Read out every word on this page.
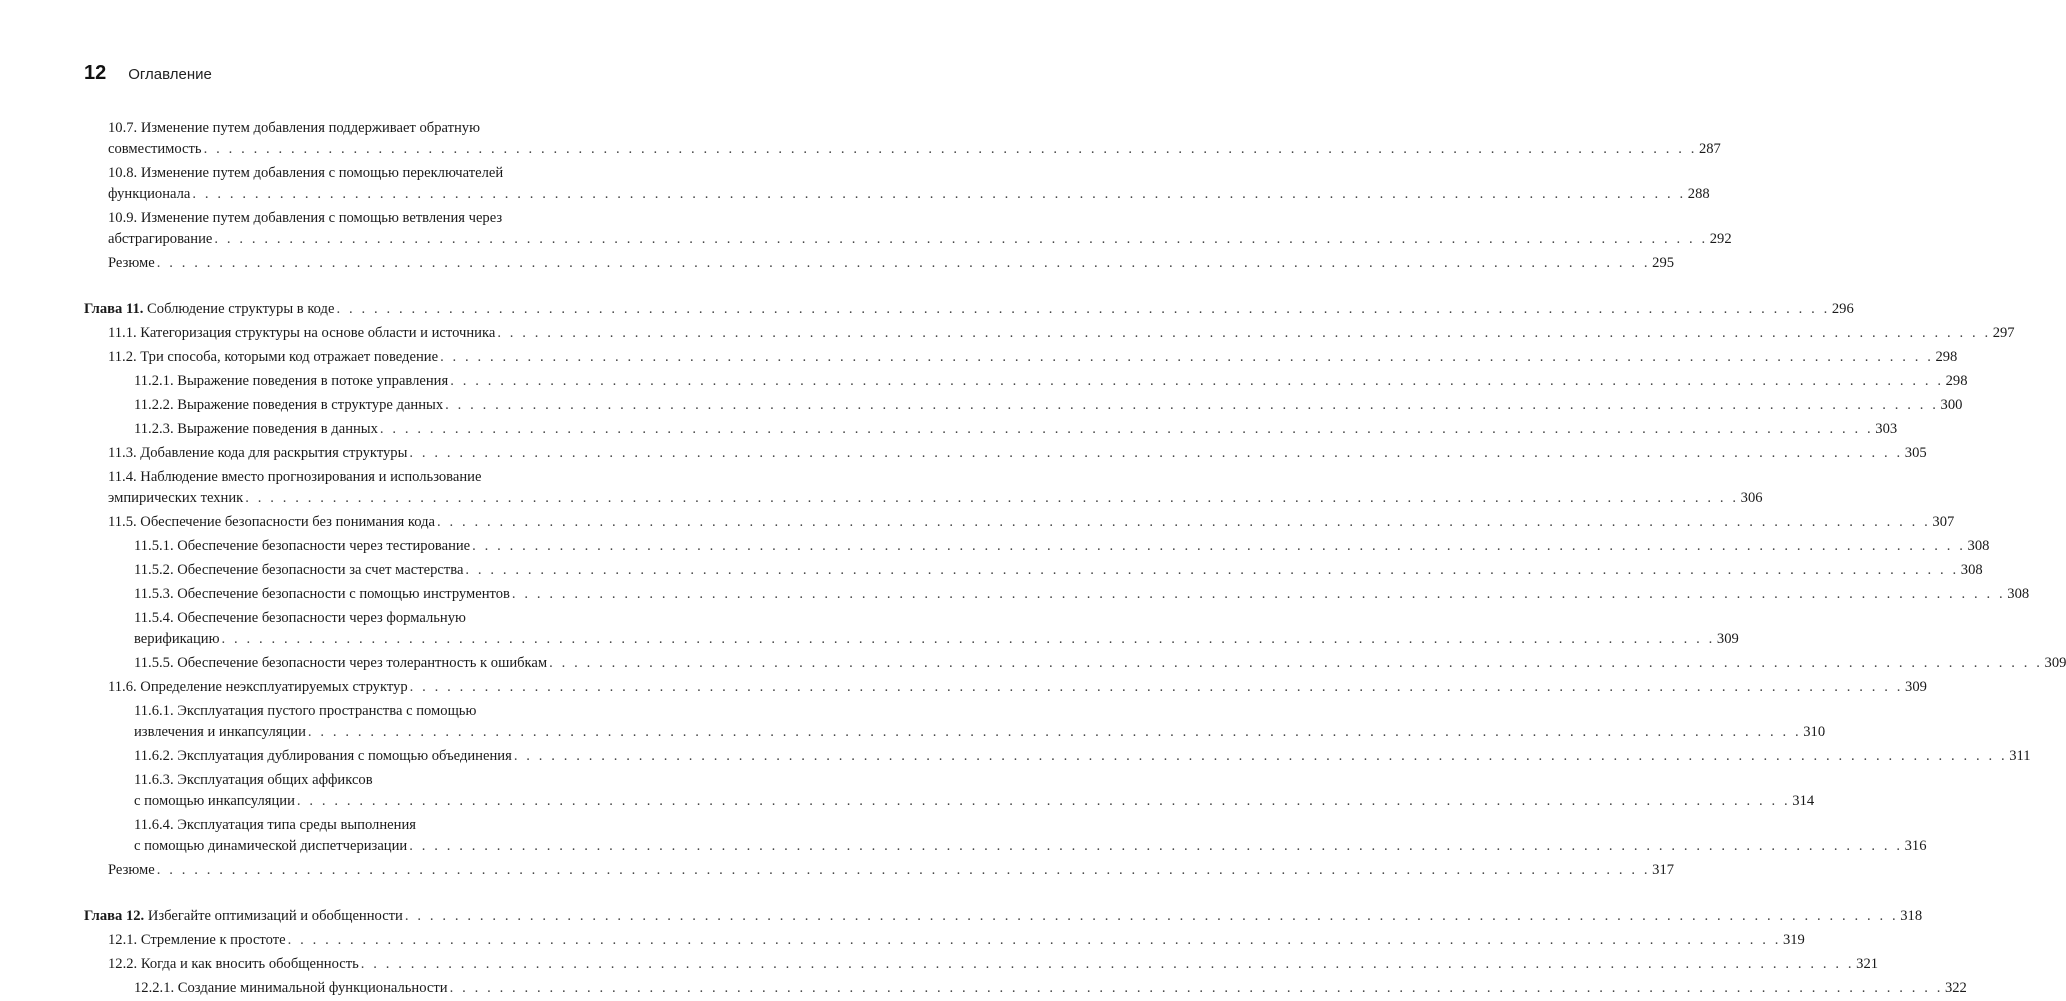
12 Оглавление
10.7. Изменение путем добавления поддерживает обратную
совместимость . . . . . . . . . . . . . . . . . . . . . . . . . . . . . . . . . . . . . . . . . . . . . . . . . . . . . . . . . . . . . . . . . . . . . . . . . . . . . . . . . . . . . . . . . . . . . . . . . . . . . . . . . . . . . . . . . . . . . . . . 287
10.8. Изменение путем добавления с помощью переключателей
функционала . . . . . . . . . . . . . . . . . . . . . . . . . . . . . . . . . . . . . . . . . . . . . . . . . . . . . . . . . . . . . . . . . . . . . . . . . . . . . . . . . . . . . . . . . . . . . . . . . . . . . . . . . . . . . . . . . . . . . . . . 288
10.9. Изменение путем добавления с помощью ветвления через
абстрагирование . . . . . . . . . . . . . . . . . . . . . . . . . . . . . . . . . . . . . . . . . . . . . . . . . . . . . . . . . . . . . . . . . . . . . . . . . . . . . . . . . . . . . . . . . . . . . . . . . . . . . . . . . . . . . . . . . . . . . . . . 292
Резюме . . . . . . . . . . . . . . . . . . . . . . . . . . . . . . . . . . . . . . . . . . . . . . . . . . . . . . . . . . . . . . . . . . . . . . . . . . . . . . . . . . . . . . . . . . . . . . . . . . . . . . . . . . . . . . . . . . . . . . . . 295
Глава 11. Соблюдение структуры в коде . . . . . . . . . . . . . . . . . . . . . . . . . . . . . . . . . . . . . . . . . . . . . . . . . . . . . . . . . . . . . . . . . . . . . . . . . . . . . . . . . . . . . . . . . . . . . . . . . . . . . . . . . . . . . . . . . . . . . . . . 296
11.1. Категоризация структуры на основе области и источника . . . . . . . . . . . . . . . . . . . . . . . . . . . . . . . . . . . . . . . . . . . . . . . . . . . . . . . . . . . . . . . . . . . . . . . . . . . . . . . . . . . . . . . . . . . . . . . . . . . . . . . . . . . . . . . . . . . . . . . . 297
11.2. Три способа, которыми код отражает поведение . . . . . . . . . . . . . . . . . . . . . . . . . . . . . . . . . . . . . . . . . . . . . . . . . . . . . . . . . . . . . . . . . . . . . . . . . . . . . . . . . . . . . . . . . . . . . . . . . . . . . . . . . . . . . . . . . . . . . . . . 298
11.2.1. Выражение поведения в потоке управления . . . . . . . . . . . . . . . . . . . . . . . . . . . . . . . . . . . . . . . . . . . . . . . . . . . . . . . . . . . . . . . . . . . . . . . . . . . . . . . . . . . . . . . . . . . . . . . . . . . . . . . . . . . . . . . . . . . . . . . . 298
11.2.2. Выражение поведения в структуре данных . . . . . . . . . . . . . . . . . . . . . . . . . . . . . . . . . . . . . . . . . . . . . . . . . . . . . . . . . . . . . . . . . . . . . . . . . . . . . . . . . . . . . . . . . . . . . . . . . . . . . . . . . . . . . . . . . . . . . . . . 300
11.2.3. Выражение поведения в данных . . . . . . . . . . . . . . . . . . . . . . . . . . . . . . . . . . . . . . . . . . . . . . . . . . . . . . . . . . . . . . . . . . . . . . . . . . . . . . . . . . . . . . . . . . . . . . . . . . . . . . . . . . . . . . . . . . . . . . . . 303
11.3. Добавление кода для раскрытия структуры . . . . . . . . . . . . . . . . . . . . . . . . . . . . . . . . . . . . . . . . . . . . . . . . . . . . . . . . . . . . . . . . . . . . . . . . . . . . . . . . . . . . . . . . . . . . . . . . . . . . . . . . . . . . . . . . . . . . . . . . 305
11.4. Наблюдение вместо прогнозирования и использование
эмпирических техник . . . . . . . . . . . . . . . . . . . . . . . . . . . . . . . . . . . . . . . . . . . . . . . . . . . . . . . . . . . . . . . . . . . . . . . . . . . . . . . . . . . . . . . . . . . . . . . . . . . . . . . . . . . . . . . . . . . . . . . . 306
11.5. Обеспечение безопасности без понимания кода . . . . . . . . . . . . . . . . . . . . . . . . . . . . . . . . . . . . . . . . . . . . . . . . . . . . . . . . . . . . . . . . . . . . . . . . . . . . . . . . . . . . . . . . . . . . . . . . . . . . . . . . . . . . . . . . . . . . . . . . 307
11.5.1. Обеспечение безопасности через тестирование . . . . . . . . . . . . . . . . . . . . . . . . . . . . . . . . . . . . . . . . . . . . . . . . . . . . . . . . . . . . . . . . . . . . . . . . . . . . . . . . . . . . . . . . . . . . . . . . . . . . . . . . . . . . . . . . . . . . . . . . 308
11.5.2. Обеспечение безопасности за счет мастерства . . . . . . . . . . . . . . . . . . . . . . . . . . . . . . . . . . . . . . . . . . . . . . . . . . . . . . . . . . . . . . . . . . . . . . . . . . . . . . . . . . . . . . . . . . . . . . . . . . . . . . . . . . . . . . . . . . . . . . . . 308
11.5.3. Обеспечение безопасности с помощью инструментов . . . . . . . . . . . . . . . . . . . . . . . . . . . . . . . . . . . . . . . . . . . . . . . . . . . . . . . . . . . . . . . . . . . . . . . . . . . . . . . . . . . . . . . . . . . . . . . . . . . . . . . . . . . . . . . . . . . . . . . . 308
11.5.4. Обеспечение безопасности через формальную
верификацию . . . . . . . . . . . . . . . . . . . . . . . . . . . . . . . . . . . . . . . . . . . . . . . . . . . . . . . . . . . . . . . . . . . . . . . . . . . . . . . . . . . . . . . . . . . . . . . . . . . . . . . . . . . . . . . . . . . . . . . . 309
11.5.5. Обеспечение безопасности через толерантность к ошибкам . . . . . . . . . . . . . . . . . . . . . . . . . . . . . . . . . . . . . . . . . . . . . . . . . . . . . . . . . . . . . . . . . . . . . . . . . . . . . . . . . . . . . . . . . . . . . . . . . . . . . . . . . . . . . . . . . . . . . . . . 309
11.6. Определение неэксплуатируемых структур . . . . . . . . . . . . . . . . . . . . . . . . . . . . . . . . . . . . . . . . . . . . . . . . . . . . . . . . . . . . . . . . . . . . . . . . . . . . . . . . . . . . . . . . . . . . . . . . . . . . . . . . . . . . . . . . . . . . . . . . 309
11.6.1. Эксплуатация пустого пространства с помощью
извлечения и инкапсуляции . . . . . . . . . . . . . . . . . . . . . . . . . . . . . . . . . . . . . . . . . . . . . . . . . . . . . . . . . . . . . . . . . . . . . . . . . . . . . . . . . . . . . . . . . . . . . . . . . . . . . . . . . . . . . . . . . . . . . . . . 310
11.6.2. Эксплуатация дублирования с помощью объединения . . . . . . . . . . . . . . . . . . . . . . . . . . . . . . . . . . . . . . . . . . . . . . . . . . . . . . . . . . . . . . . . . . . . . . . . . . . . . . . . . . . . . . . . . . . . . . . . . . . . . . . . . . . . . . . . . . . . . . . . 311
11.6.3. Эксплуатация общих аффиксов
с помощью инкапсуляции . . . . . . . . . . . . . . . . . . . . . . . . . . . . . . . . . . . . . . . . . . . . . . . . . . . . . . . . . . . . . . . . . . . . . . . . . . . . . . . . . . . . . . . . . . . . . . . . . . . . . . . . . . . . . . . . . . . . . . . . 314
11.6.4. Эксплуатация типа среды выполнения
с помощью динамической диспетчеризации . . . . . . . . . . . . . . . . . . . . . . . . . . . . . . . . . . . . . . . . . . . . . . . . . . . . . . . . . . . . . . . . . . . . . . . . . . . . . . . . . . . . . . . . . . . . . . . . . . . . . . . . . . . . . . . . . . . . . . . . 316
Резюме . . . . . . . . . . . . . . . . . . . . . . . . . . . . . . . . . . . . . . . . . . . . . . . . . . . . . . . . . . . . . . . . . . . . . . . . . . . . . . . . . . . . . . . . . . . . . . . . . . . . . . . . . . . . . . . . . . . . . . . . 317
Глава 12. Избегайте оптимизаций и обобщенности . . . . . . . . . . . . . . . . . . . . . . . . . . . . . . . . . . . . . . . . . . . . . . . . . . . . . . . . . . . . . . . . . . . . . . . . . . . . . . . . . . . . . . . . . . . . . . . . . . . . . . . . . . . . . . . . . . . . . . . . 318
12.1. Стремление к простоте . . . . . . . . . . . . . . . . . . . . . . . . . . . . . . . . . . . . . . . . . . . . . . . . . . . . . . . . . . . . . . . . . . . . . . . . . . . . . . . . . . . . . . . . . . . . . . . . . . . . . . . . . . . . . . . . . . . . . . . . 319
12.2. Когда и как вносить обобщенность . . . . . . . . . . . . . . . . . . . . . . . . . . . . . . . . . . . . . . . . . . . . . . . . . . . . . . . . . . . . . . . . . . . . . . . . . . . . . . . . . . . . . . . . . . . . . . . . . . . . . . . . . . . . . . . . . . . . . . . . 321
12.2.1. Создание минимальной функциональности . . . . . . . . . . . . . . . . . . . . . . . . . . . . . . . . . . . . . . . . . . . . . . . . . . . . . . . . . . . . . . . . . . . . . . . . . . . . . . . . . . . . . . . . . . . . . . . . . . . . . . . . . . . . . . . . . . . . . . . . 322
